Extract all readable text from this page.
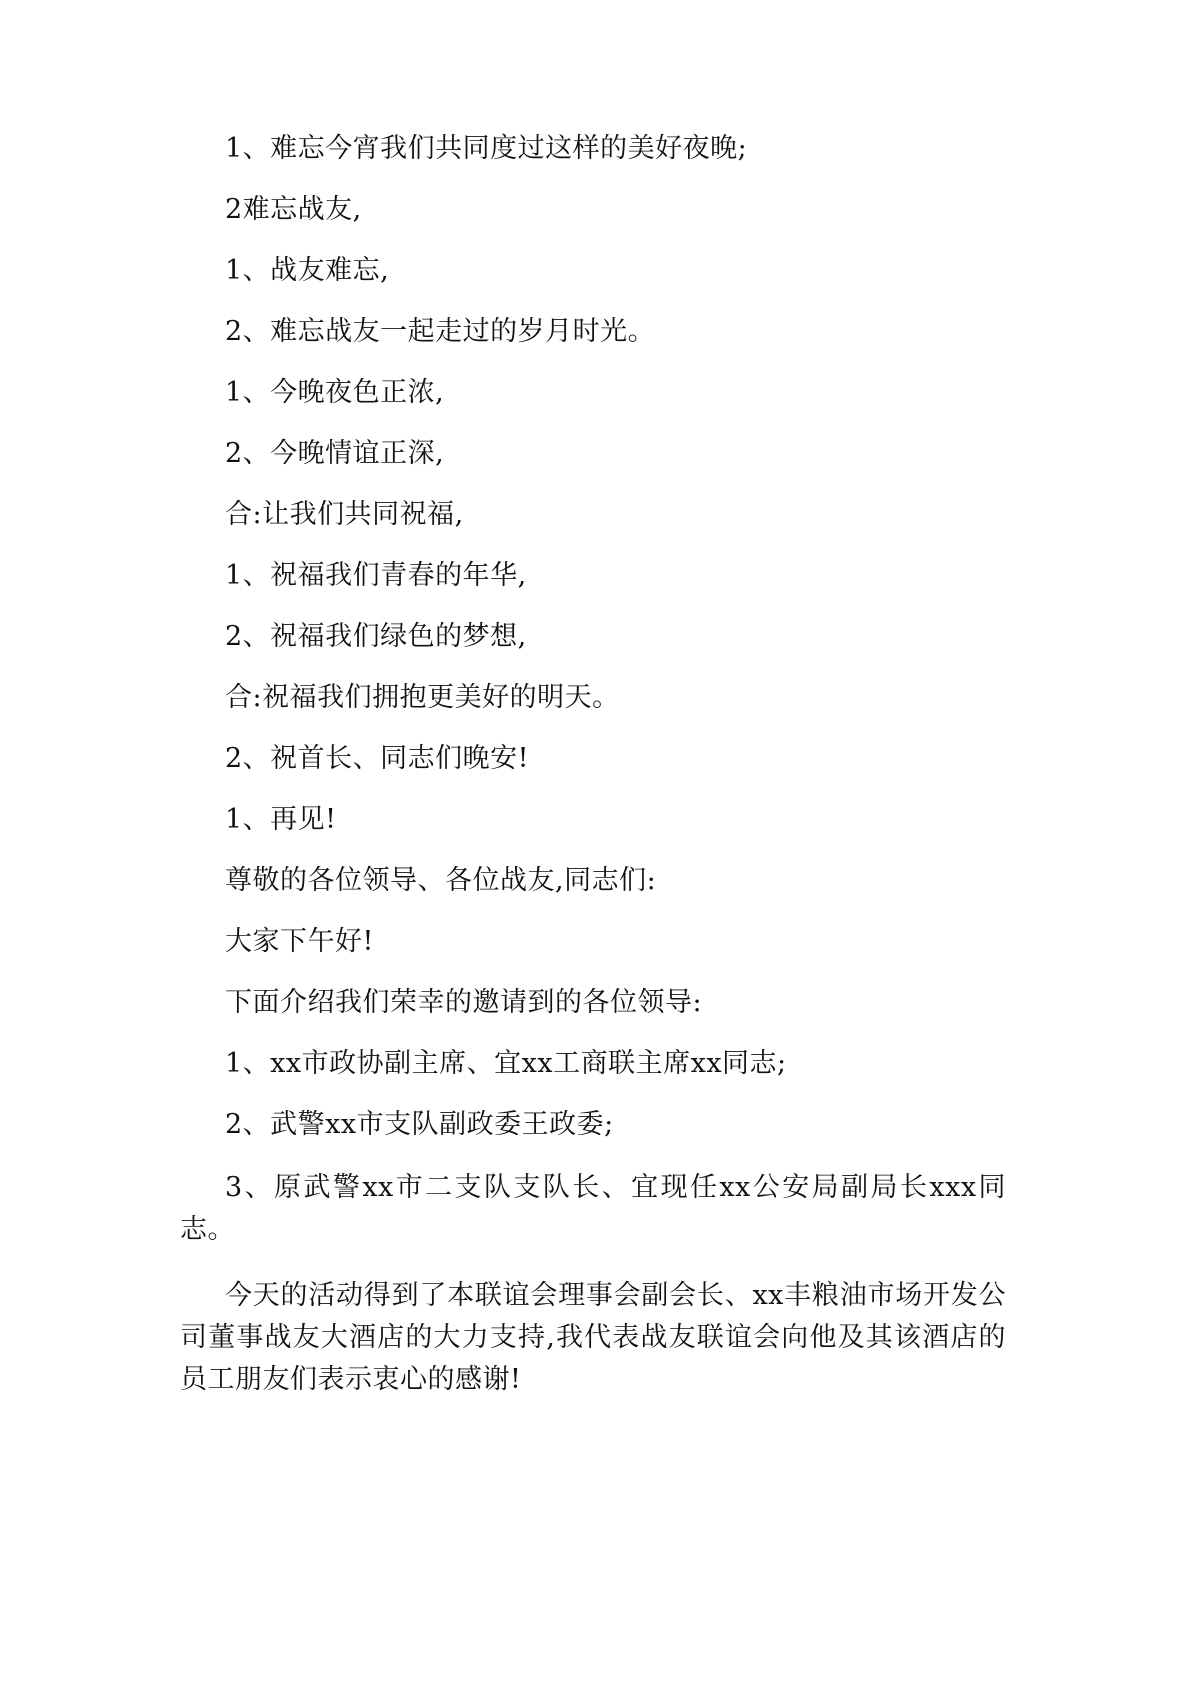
1、难忘今宵我们共同度过这样的美好夜晚;

2难忘战友,

1、战友难忘,

2、难忘战友一起走过的岁月时光。

1、今晚夜色正浓,

2、今晚情谊正深,

合:让我们共同祝福,

1、祝福我们青春的年华,

2、祝福我们绿色的梦想,

合:祝福我们拥抱更美好的明天。

2、祝首长、同志们晚安!

1、再见!

尊敬的各位领导、各位战友,同志们:

大家下午好!

下面介绍我们荣幸的邀请到的各位领导:

1、xx市政协副主席、宜xx工商联主席xx同志;

2、武警xx市支队副政委王政委;

3、原武警xx市二支队支队长、宜现任xx公安局副局长xxx同志。

今天的活动得到了本联谊会理事会副会长、xx丰粮油市场开发公司董事战友大酒店的大力支持,我代表战友联谊会向他及其该酒店的员工朋友们表示衷心的感谢!
